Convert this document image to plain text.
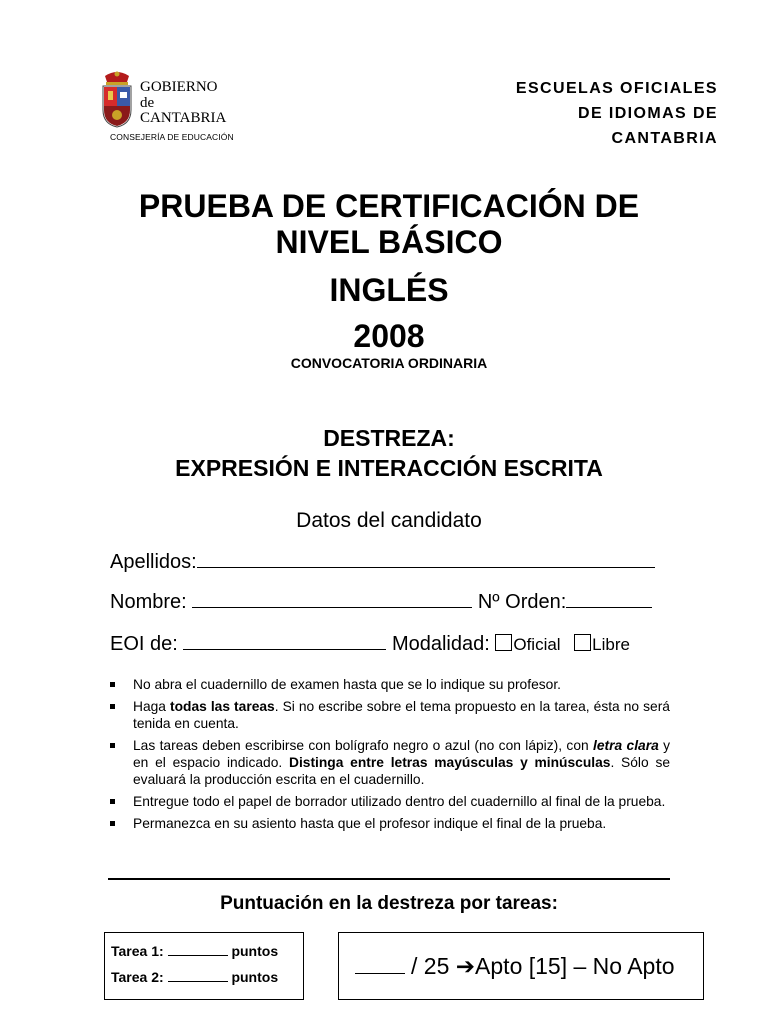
GOBIERNO
de
CANTABRIA
CONSEJERÍA DE EDUCACIÓN
ESCUELAS OFICIALES
DE IDIOMAS DE
CANTABRIA
PRUEBA DE CERTIFICACIÓN DE
NIVEL BÁSICO
INGLÉS
2008
CONVOCATORIA ORDINARIA
DESTREZA:
EXPRESIÓN E INTERACCIÓN ESCRITA
Datos del candidato
Apellidos:
Nombre:	Nº Orden:
EOI de:	Modalidad: Oficial Libre
No abra el cuadernillo de examen hasta que se lo indique su profesor.
Haga todas las tareas. Si no escribe sobre el tema propuesto en la tarea, ésta no será tenida en cuenta.
Las tareas deben escribirse con bolígrafo negro o azul (no con lápiz), con letra clara y en el espacio indicado. Distinga entre letras mayúsculas y minúsculas. Sólo se evaluará la producción escrita en el cuadernillo.
Entregue todo el papel de borrador utilizado dentro del cuadernillo al final de la prueba.
Permanezca en su asiento hasta que el profesor indique el final de la prueba.
Puntuación en la destreza por tareas:
Tarea 1:	puntos
Tarea 2:	puntos	/ 25 ➔Apto [15] – No Apto
